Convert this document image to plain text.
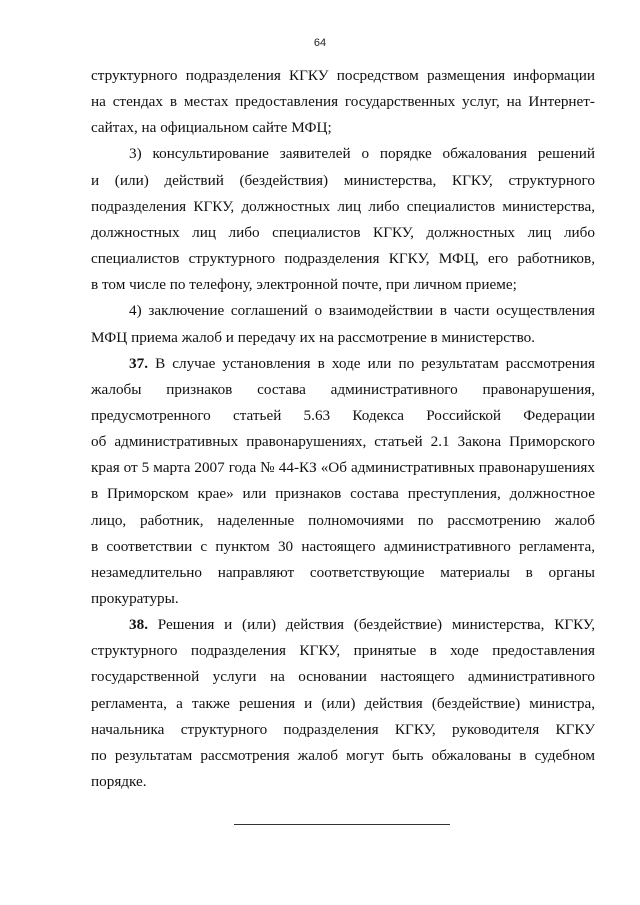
64
структурного подразделения КГКУ посредством размещения информации
на стендах в местах предоставления государственных услуг, на Интернет-
сайтах, на официальном сайте МФЦ;
3) консультирование заявителей о порядке обжалования решений
и (или) действий (бездействия) министерства, КГКУ, структурного
подразделения КГКУ, должностных лиц либо специалистов министерства,
должностных лиц либо специалистов КГКУ, должностных лиц либо
специалистов структурного подразделения КГКУ, МФЦ, его работников,
в том числе по телефону, электронной почте, при личном приеме;
4) заключение соглашений о взаимодействии в части осуществления
МФЦ приема жалоб и передачу их на рассмотрение в министерство.
37. В случае установления в ходе или по результатам рассмотрения
жалобы признаков состава административного правонарушения,
предусмотренного статьей 5.63 Кодекса Российской Федерации
об административных правонарушениях, статьей 2.1 Закона Приморского
края от 5 марта 2007 года № 44-КЗ «Об административных правонарушениях
в Приморском крае» или признаков состава преступления, должностное
лицо, работник, наделенные полномочиями по рассмотрению жалоб
в соответствии с пунктом 30 настоящего административного регламента,
незамедлительно направляют соответствующие материалы в органы
прокуратуры.
38. Решения и (или) действия (бездействие) министерства, КГКУ,
структурного подразделения КГКУ, принятые в ходе предоставления
государственной услуги на основании настоящего административного
регламента, а также решения и (или) действия (бездействие) министра,
начальника структурного подразделения КГКУ, руководителя КГКУ
по результатам рассмотрения жалоб могут быть обжалованы в судебном
порядке.
